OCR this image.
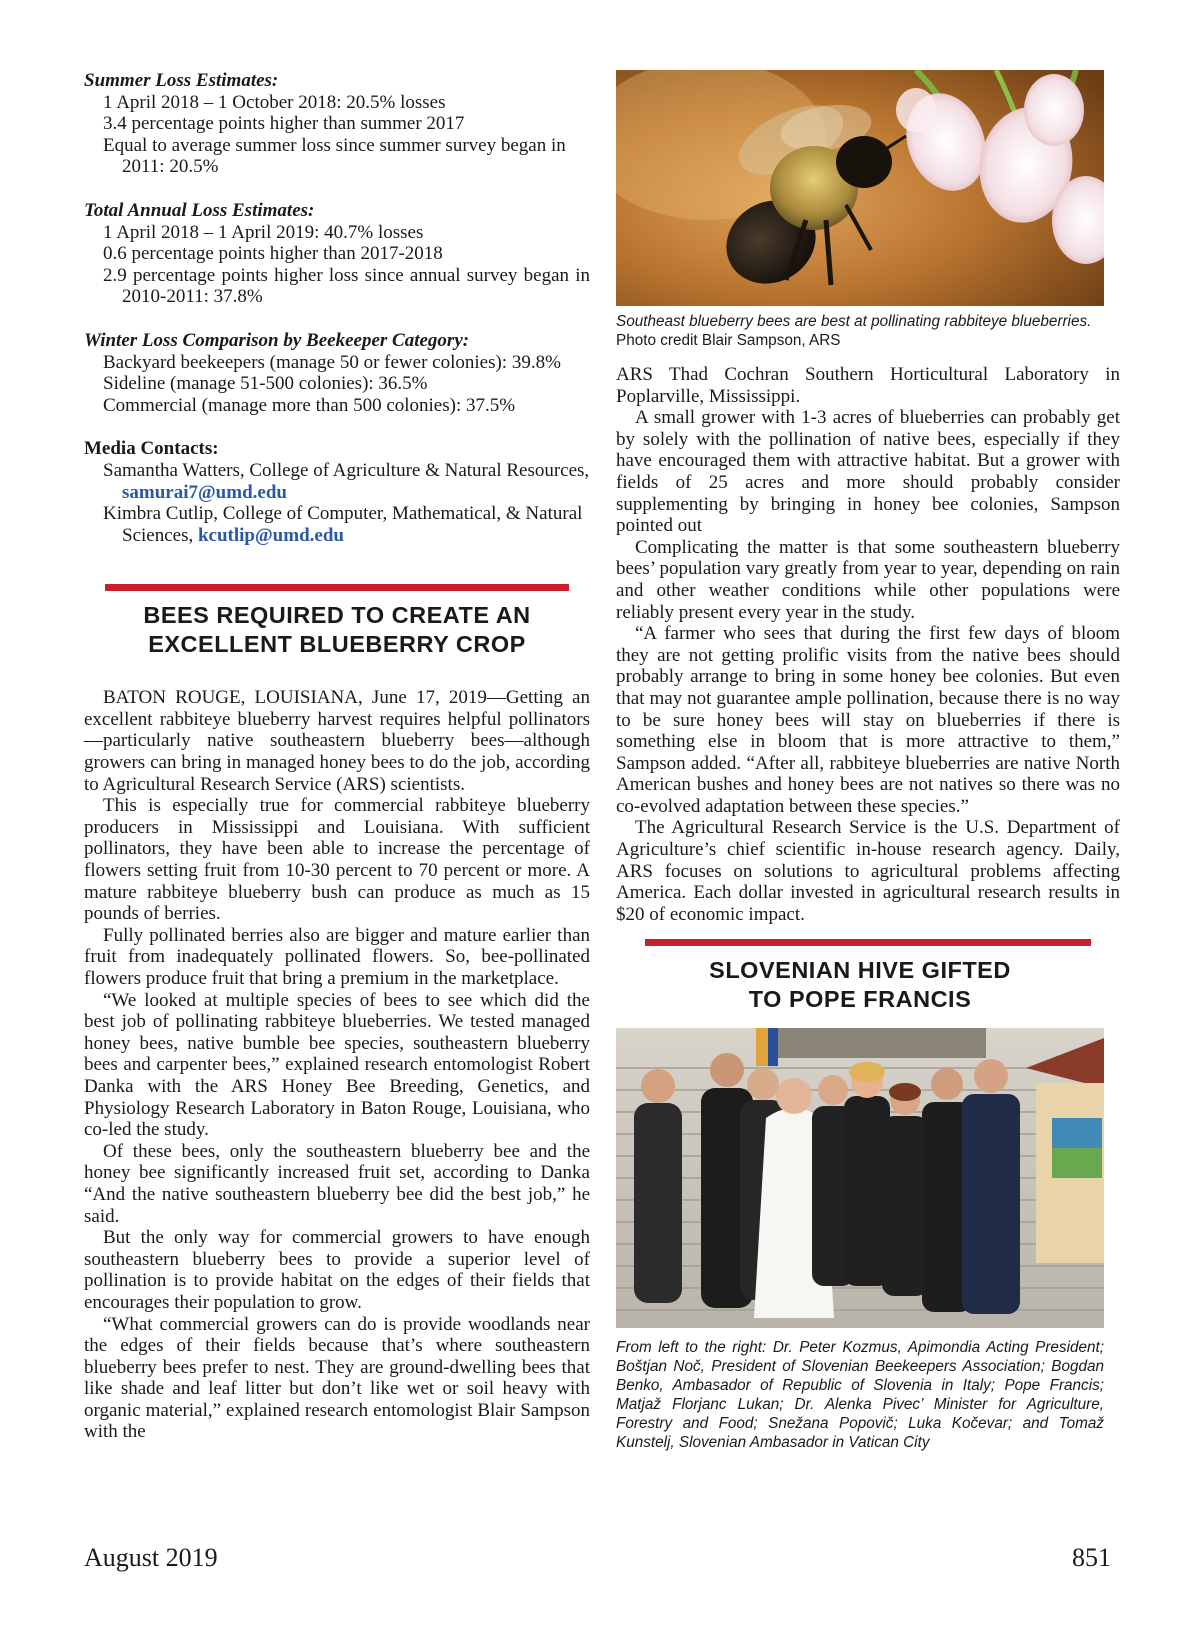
Summer Loss Estimates:

1 April 2018 – 1 October 2018: 20.5% losses

3.4 percentage points higher than summer 2017

Equal to average summer loss since summer survey began in 2011: 20.5%

Total Annual Loss Estimates:

1 April 2018 – 1 April 2019: 40.7% losses

0.6 percentage points higher than 2017-2018

2.9 percentage points higher loss since annual survey began in 2010-2011: 37.8%

Winter Loss Comparison by Beekeeper Category:

Backyard beekeepers (manage 50 or fewer colonies): 39.8%

Sideline (manage 51-500 colonies): 36.5%

Commercial (manage more than 500 colonies): 37.5%

Media Contacts:

Samantha Watters, College of Agriculture & Natural Resources, samurai7@umd.edu

Kimbra Cutlip, College of Computer, Mathematical, & Natural Sciences, kcutlip@umd.edu

BEES REQUIRED TO CREATE AN
EXCELLENT BLUEBERRY CROP

BATON ROUGE, LOUISIANA, June 17, 2019—Getting an excellent rabbiteye blueberry harvest requires helpful pollinators—particularly native southeastern blueberry bees—although growers can bring in managed honey bees to do the job, according to Agricultural Research Service (ARS) scientists.

This is especially true for commercial rabbiteye blueberry producers in Mississippi and Louisiana. With sufficient pollinators, they have been able to increase the percentage of flowers setting fruit from 10-30 percent to 70 percent or more. A mature rabbiteye blueberry bush can produce as much as 15 pounds of berries.

Fully pollinated berries also are bigger and mature earlier than fruit from inadequately pollinated flowers. So, bee-pollinated flowers produce fruit that bring a premium in the marketplace.

“We looked at multiple species of bees to see which did the best job of pollinating rabbiteye blueberries. We tested managed honey bees, native bumble bee species, southeastern blueberry bees and carpenter bees,” explained research entomologist Robert Danka with the ARS Honey Bee Breeding, Genetics, and Physiology Research Laboratory in Baton Rouge, Louisiana, who co-led the study.

Of these bees, only the southeastern blueberry bee and the honey bee significantly increased fruit set, according to Danka “And the native southeastern blueberry bee did the best job,” he said.

But the only way for commercial growers to have enough southeastern blueberry bees to provide a superior level of pollination is to provide habitat on the edges of their fields that encourages their population to grow.

“What commercial growers can do is provide woodlands near the edges of their fields because that’s where southeastern blueberry bees prefer to nest. They are ground-dwelling bees that like shade and leaf litter but don’t like wet or soil heavy with organic material,” explained research entomologist Blair Sampson with the

Southeast blueberry bees are best at pollinating rabbiteye blueberries. Photo credit Blair Sampson, ARS

ARS Thad Cochran Southern Horticultural Laboratory in Poplarville, Mississippi.

A small grower with 1-3 acres of blueberries can probably get by solely with the pollination of native bees, especially if they have encouraged them with attractive habitat. But a grower with fields of 25 acres and more should probably consider supplementing by bringing in honey bee colonies, Sampson pointed out

Complicating the matter is that some southeastern blueberry bees’ population vary greatly from year to year, depending on rain and other weather conditions while other populations were reliably present every year in the study.

“A farmer who sees that during the first few days of bloom they are not getting prolific visits from the native bees should probably arrange to bring in some honey bee colonies. But even that may not guarantee ample pollination, because there is no way to be sure honey bees will stay on blueberries if there is something else in bloom that is more attractive to them,” Sampson added. “After all, rabbiteye blueberries are native North American bushes and honey bees are not natives so there was no co-evolved adaptation between these species.”

The Agricultural Research Service is the U.S. Department of Agriculture’s chief scientific in-house research agency. Daily, ARS focuses on solutions to agricultural problems affecting America. Each dollar invested in agricultural research results in $20 of economic impact.

SLOVENIAN HIVE GIFTED
TO POPE FRANCIS
From left to the right: Dr. Peter Kozmus, Apimondia Acting President; Boštjan Noč, President of Slovenian Beekeepers Association; Bogdan Benko, Ambasador of Republic of Slovenia in Italy; Pope Francis; Matjaž Florjanc Lukan; Dr. Alenka Pivec’ Minister for Agriculture, Forestry and Food; Snežana Popovič; Luka Kočevar; and Tomaž Kunstelj, Slovenian Ambasador in Vatican City
August 2019	851
